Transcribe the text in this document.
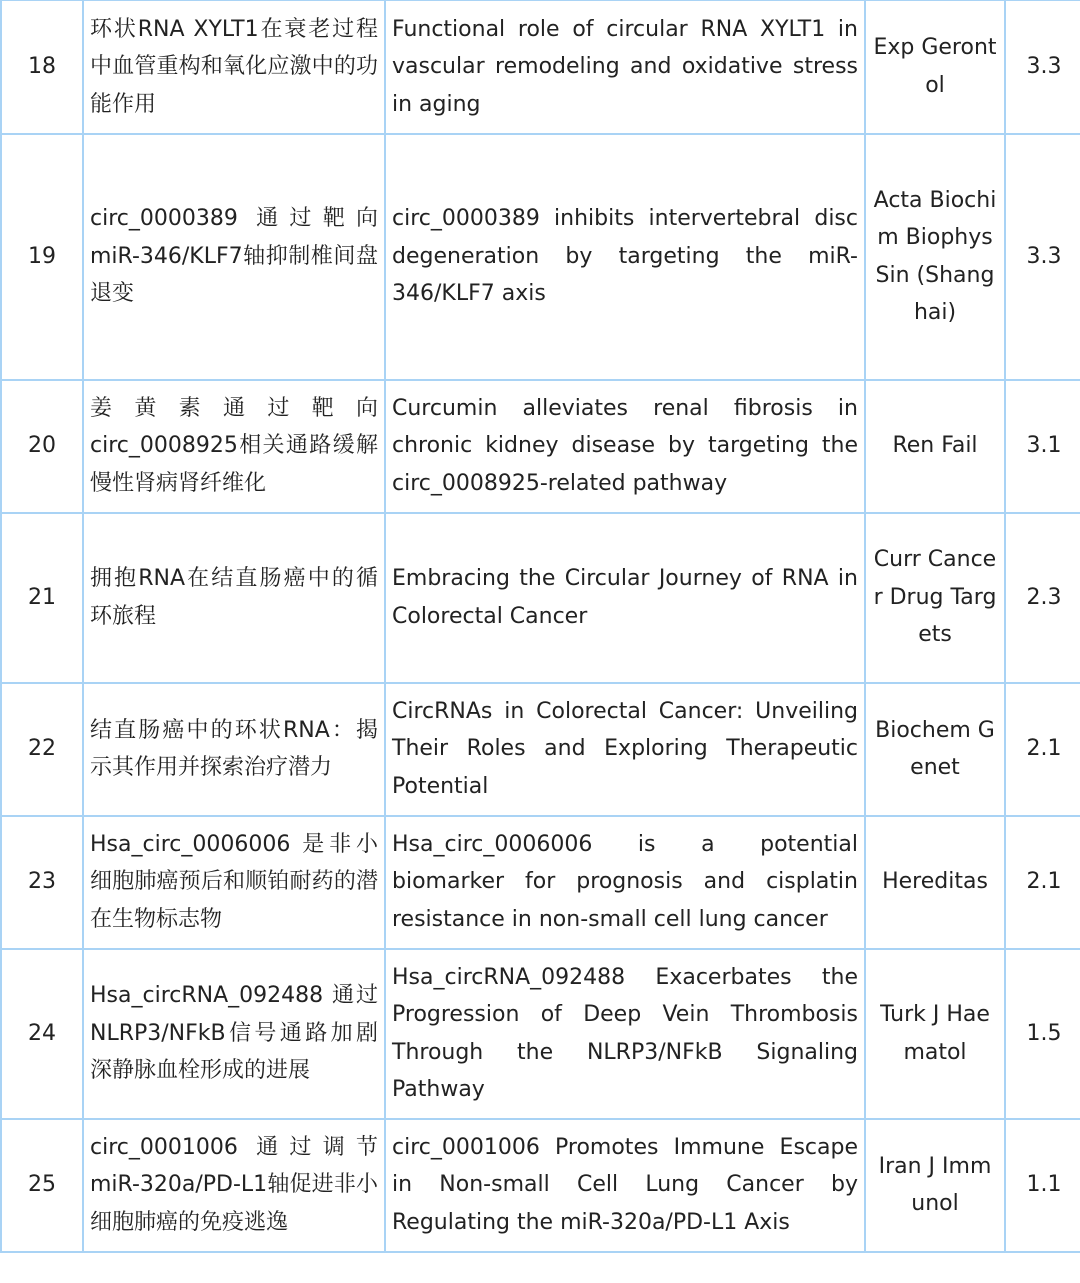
18	环状RNA XYLT1在衰老过程中血管重构和氧化应激中的功能作用	Functional role of circular RNA XYLT1 in vascular remodeling and oxidative stress in aging	Exp Gerontol	3.3
19	circ_0000389 通过靶向miR-346/KLF7轴抑制椎间盘退变	circ_0000389 inhibits intervertebral disc degeneration by targeting the miR-346/KLF7 axis	Acta Biochim Biophys Sin (Shanghai)	3.3
20	姜黄素通过靶向circ_0008925相关通路缓解慢性肾病肾纤维化	Curcumin alleviates renal fibrosis in chronic kidney disease by targeting the circ_0008925-related pathway	Ren Fail	3.1
21	拥抱RNA在结直肠癌中的循环旅程	Embracing the Circular Journey of RNA in Colorectal Cancer	Curr Cancer Drug Targets	2.3
22	结直肠癌中的环状RNA：揭示其作用并探索治疗潜力	CircRNAs in Colorectal Cancer: Unveiling Their Roles and Exploring Therapeutic Potential	Biochem Genet	2.1
23	Hsa_circ_0006006 是非小细胞肺癌预后和顺铂耐药的潜在生物标志物	Hsa_circ_0006006 is a potential biomarker for prognosis and cisplatin resistance in non-small cell lung cancer	Hereditas	2.1
24	Hsa_circRNA_092488 通过NLRP3/NFkB信号通路加剧深静脉血栓形成的进展	Hsa_circRNA_092488 Exacerbates the Progression of Deep Vein Thrombosis Through the NLRP3/NFkB Signaling Pathway	Turk J Haematol	1.5
25	circ_0001006 通过调节miR-320a/PD-L1轴促进非小细胞肺癌的免疫逃逸	circ_0001006 Promotes Immune Escape in Non-small Cell Lung Cancer by Regulating the miR-320a/PD-L1 Axis	Iran J Immunol	1.1
